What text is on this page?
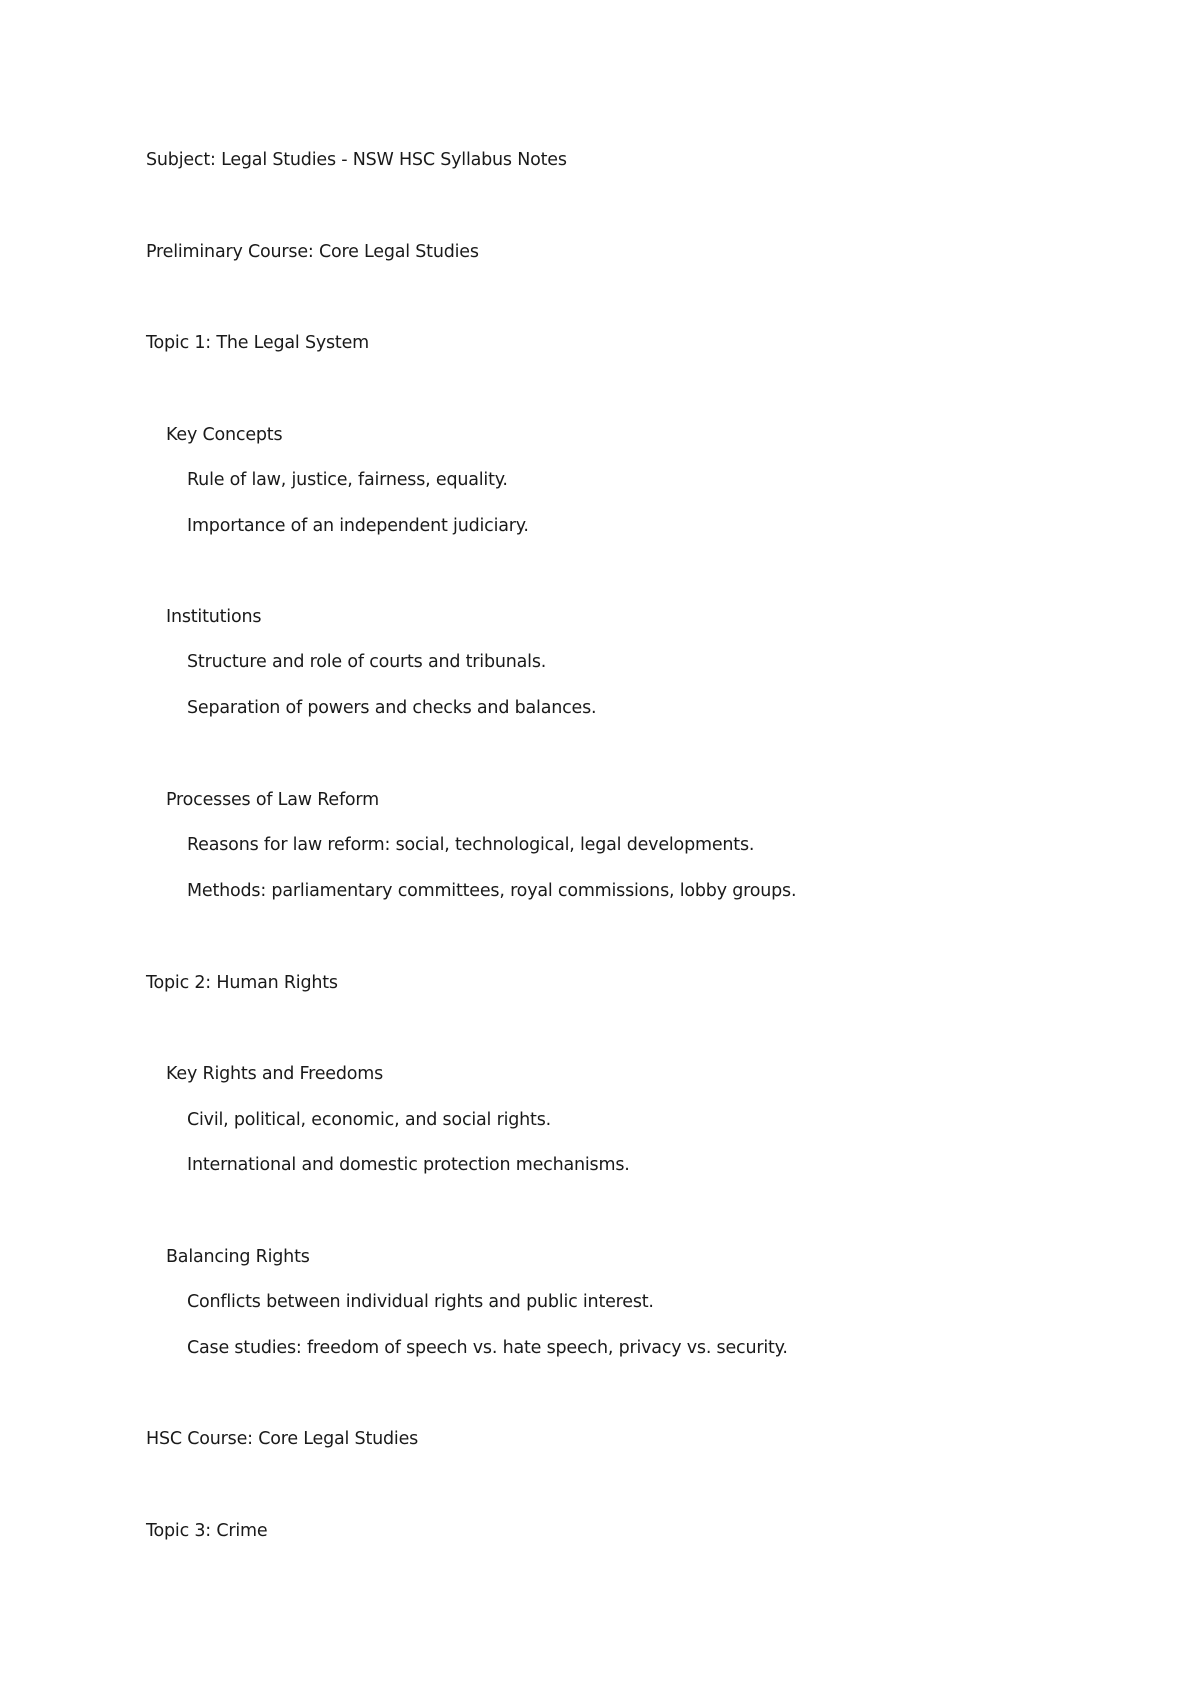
Subject: Legal Studies - NSW HSC Syllabus Notes

Preliminary Course: Core Legal Studies

Topic 1: The Legal System

Key Concepts

Rule of law, justice, fairness, equality.

Importance of an independent judiciary.

Institutions

Structure and role of courts and tribunals.

Separation of powers and checks and balances.

Processes of Law Reform

Reasons for law reform: social, technological, legal developments.

Methods: parliamentary committees, royal commissions, lobby groups.

Topic 2: Human Rights

Key Rights and Freedoms

Civil, political, economic, and social rights.

International and domestic protection mechanisms.

Balancing Rights

Conflicts between individual rights and public interest.

Case studies: freedom of speech vs. hate speech, privacy vs. security.

HSC Course: Core Legal Studies

Topic 3: Crime
